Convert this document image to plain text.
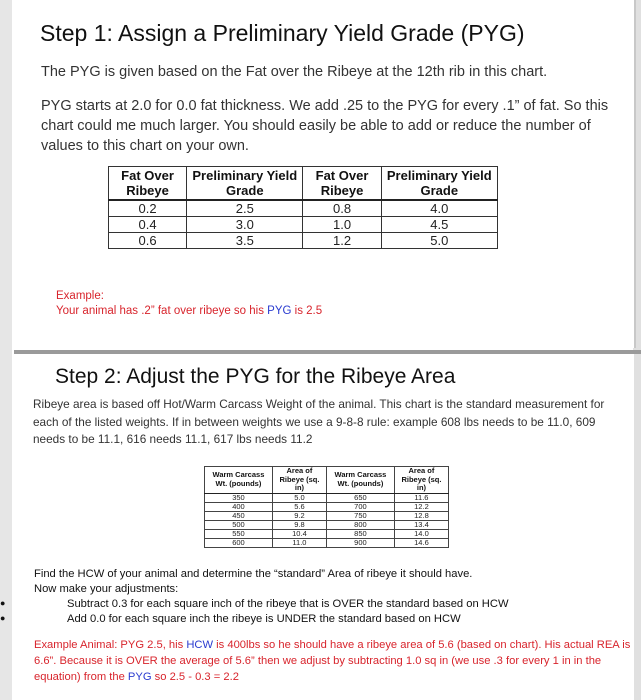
Step 1: Assign a Preliminary Yield Grade (PYG)
The PYG is given based on the Fat over the Ribeye at the 12th rib in this chart.
PYG starts at 2.0 for 0.0 fat thickness. We add .25 to the PYG for every .1” of fat. So this chart could me much larger. You should easily be able to add or reduce the number of values to this chart on your own.
Fat Over Ribeye	Preliminary Yield Grade	Fat Over Ribeye	Preliminary Yield Grade
0.2	2.5	0.8	4.0
0.4	3.0	1.0	4.5
0.6	3.5	1.2	5.0
Example:
Your animal has .2” fat over ribeye so his PYG is 2.5
Step 2: Adjust the PYG for the Ribeye Area
Ribeye area is based off Hot/Warm Carcass Weight of the animal. This chart is the standard measurement for each of the listed weights. If in between weights we use a 9-8-8 rule: example 608 lbs needs to be 11.0, 609 needs to be 11.1, 616 needs 11.1, 617 lbs needs 11.2
Warm Carcass Wt. (pounds)	Area of Ribeye (sq. in)	Warm Carcass Wt. (pounds)	Area of Ribeye (sq. in)
350	5.0	650	11.6
400	5.6	700	12.2
450	9.2	750	12.8
500	9.8	800	13.4
550	10.4	850	14.0
600	11.0	900	14.6
Find the HCW of your animal and determine the “standard” Area of ribeye it should have.
Now make your adjustments:
Subtract 0.3 for each square inch of the ribeye that is OVER the standard based on HCW
Add 0.0 for each square inch the ribeye is UNDER the standard based on HCW
Example Animal: PYG 2.5, his HCW is 400lbs so he should have a ribeye area of 5.6 (based on chart). His actual REA is 6.6”. Because it is OVER the average of 5.6” then we adjust by subtracting 1.0 sq in (we use .3 for every 1 in in the equation) from the PYG so 2.5 - 0.3 = 2.2
●
●
